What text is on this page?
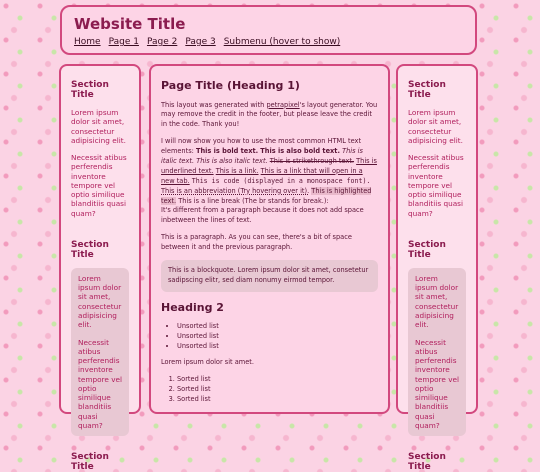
Website Title
Home Page 1 Page 2 Page 3 Submenu (hover to show)
Section Title

Lorem ipsum dolor sit amet, consectetur adipisicing elit.

Necessit atibus perferendis inventore tempore vel optio similique blanditiis quasi quam?

Section Title

Lorem ipsum dolor sit amet, consectetur adipisicing elit.

Necessit atibus perferendis inventore tempore vel optio similique blanditiis quasi quam?

Section Title
Page Title (Heading 1)

This layout was generated with petrapixel's layout generator. You may remove the credit in the footer, but please leave the credit in the code. Thank you!

I will now show you how to use the most common HTML text elements: This is bold text. This is also bold text. This is italic text. This is also italic text. This is strikethrough text. This is underlined text. This is a link. This is a link that will open in a new tab. This is code (displayed in a monospace font). This is an abbreviation (Try hovering over it). This is highlighted text. This is a line break (The br stands for break.):
It's different from a paragraph because it does not add space inbetween the lines of text.

This is a paragraph. As you can see, there's a bit of space between it and the previous paragraph.

This is a blockquote. Lorem ipsum dolor sit amet, consetetur sadipscing elitr, sed diam nonumy eirmod tempor.
Heading 2
• Unsorted list
• Unsorted list
• Unsorted list

Lorem ipsum dolor sit amet.

1. Sorted list
2. Sorted list
3. Sorted list
Section Title

Lorem ipsum dolor sit amet, consectetur adipisicing elit.

Necessit atibus perferendis inventore tempore vel optio similique blanditiis quasi quam?

Section Title

Lorem ipsum dolor sit amet, consectetur adipisicing elit.

Necessit atibus perferendis inventore tempore vel optio similique blanditiis quasi quam?

Section Title
